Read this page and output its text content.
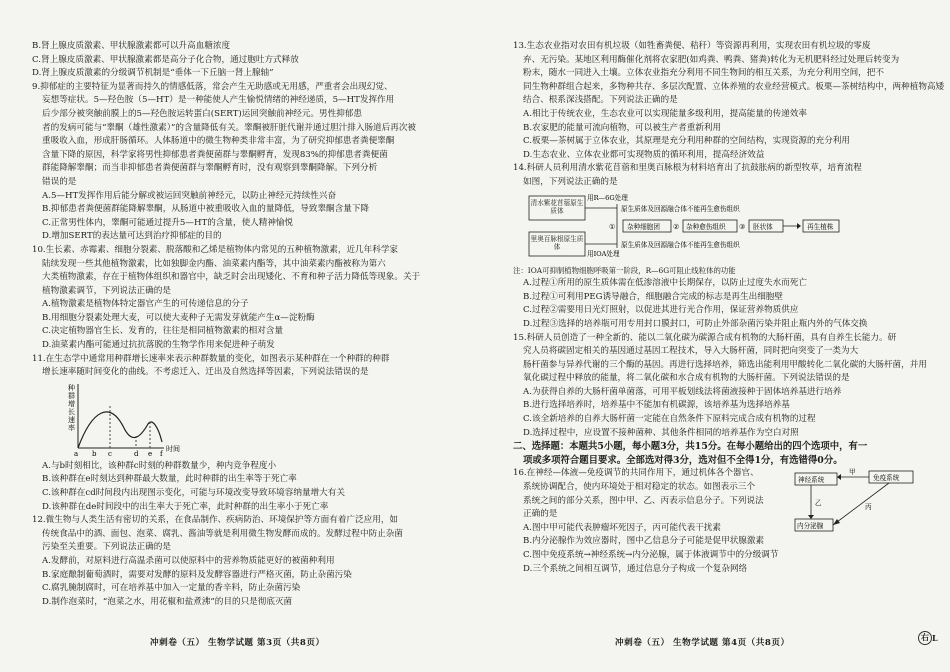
B.肾上腺皮质激素、甲状腺激素都可以升高血糖浓度
C.肾上腺皮质激素、甲状腺激素都是高分子化合物，通过胞吐方式释放
D.肾上腺皮质激素的分级调节机制是“垂体一下丘脑一肾上腺轴”
9.抑郁症的主要特征为显著而持久的情感低落，常会产生无助感或无用感，严重者会出现幻觉、
妄想等症状。5—羟色胺（5—HT）是一种能使人产生愉悦情绪的神经递质，5—HT发挥作用
后少部分被突触前膜上的5—羟色胺运转蛋白(SERT)运回突触前神经元。男性抑郁患
者的发病可能与“睾酮（雄性激素）”的含量降低有关。睾酮被肝脏代谢并通过胆汁排入肠道后再次被
重吸收入血，形成肝肠循环。人体肠道中的微生物种类非常丰富，为了研究抑郁患者粪便睾酮
含量下降的原因，科学家将男性抑郁患者粪便菌群与睾酮孵育，发现83%的抑郁患者粪便菌
群能降解睾酮；而当非抑郁患者粪便菌群与睾酮孵育时，没有观察到睾酮降解。下列分析
错误的是
A.5—HT发挥作用后能分解或被运回突触前神经元，以防止神经元持续性兴奋
B.抑郁患者粪便菌群能降解睾酮，从肠道中被重吸收入血的量降低，导致睾酮含量下降
C.正常男性体内，睾酮可能通过提升5—HT的含量，使人精神愉悦
D.增加SERT的表达量可达到治疗抑郁症的目的
10.生长素、赤霉素、细胞分裂素、脱落酸和乙烯是植物体内常见的五种植物激素，近几年科学家
陆续发现一些其他植物激素，比如独脚金内酯、油菜素内酯等，其中油菜素内酯被称为第六
大类植物激素，存在于植物体组织和器官中，缺乏时会出现矮化、不育和种子活力降低等现象。关于
植物激素调节，下列说法正确的是
A.植物激素是植物体特定器官产生的可传递信息的分子
B.用细胞分裂素处理大麦，可以使大麦种子无需发芽就能产生α—淀粉酶
C.决定植物器官生长、发育的，往往是相同植物激素的相对含量
D.油菜素内酯可能通过抗抗落脱的生物学作用来促进种子萌发
11.在生态学中通常用种群增长速率来表示种群数量的变化，如图表示某种群在一个种群的种群
增长速率随时间变化的曲线。不考虑迁入、迁出及自然选择等因素，下列说法错误的是
种群增长速率
a b c	d e f
时间
A.与b时刻相比，该种群c时刻的种群数量少，种内竞争程度小
B.该种群在e时刻达到种群最大数量，此时种群的出生率等于死亡率
C.该种群在cd时间段内出现图示变化，可能与环境改变导致环境容纳量增大有关
D.该种群在de时间段中的出生率大于死亡率，此时种群的出生率小于死亡率
12.微生物与人类生活有密切的关系，在食品制作、疾病防治、环境保护等方面有着广泛应用，如
传统食品中的酒、面包、泡菜、腐乳、酱油等就是利用微生物发酵而成的。发酵过程中防止杂菌
污染至关重要。下列说法正确的是
A.发酵前，对原料进行高温杀菌可以使原料中的营养物质能更好的被菌种利用
B.家庭酿制葡萄酒时，需要对发酵的原料及发酵容器进行严格灭菌，防止杂菌污染
C.腐乳腌制腐时，可在培养基中加入一定量的香辛料，防止杂菌污染
D.制作泡菜时，“泡菜之水，用花椒和盐煮沸”的目的只是彻底灭菌
冲刺卷（五） 生物学试题 第3页（共8页）
13.生态农业指对农田有机垃圾（如牲畜粪便、秸秆）等资源再利用，实现农田有机垃圾的零废
弃、无污染。某地区利用酶催化剂将农家肥(如鸡粪、鸭粪、猪粪)转化为无机肥料经过处理后转变为
粉末，随水一同进入土壤。立体农业指充分利用不同生物间的相互关系，为充分利用空间，把不
同生物种群组合起来，多物种共存、多层次配置、立体养殖的农业经营模式。板栗—茶树结构中，两种植物高矮
结合、根系深浅搭配。下列说法正确的是
A.相比于传统农业，生态农业可以实现能量多级利用，提高能量的传递效率
B.农家肥的能量可流向植物，可以被生产者重新利用
C.板栗—茶树属于立体农业，其原理是充分利用种群的空间结构，实现资源的充分利用
D.生态农业、立体农业都可实现物质的循环利用，提高经济效益
14.科研人员利用清水紫花苜蓿和里奥百脉根为材料培育出了抗鼓胀病的新型牧草，培育流程
如图，下列说法正确的是
清水紫花苜蓿原生质体
里奥百脉根原生质体
用R—6G处理
用IOA处理
原生质体及回源融合体不能再生愈伤组织
原生质体及回源融合体不能再生愈伤组织
① 杂种细胞团 ② 杂种愈伤组织 ③ 胚状体	再生植株
注：IOA可抑制植物细胞呼吸第一阶段，R—6G可阻止线粒体的功能
A.过程①所用的原生质体需在低渗溶液中长期保存，以防止过度失水而死亡
B.过程①可利用PEG诱导融合，细胞融合完成的标志是再生出细胞壁
C.过程②需要用日光灯照射，以促进其进行光合作用，保证营养物质供应
D.过程③选择的培养瓶可用专用封口膜封口，可防止外部杂菌污染并阻止瓶内外的气体交换
15.科研人员创造了一种全新的、能以二氧化碳为碳源合成有机物的大肠杆菌，具有自养生长能力。研
究人员将碳固定相关的基因通过基因工程技术，导入大肠杆菌，同时把向突变了一类为大
肠杆菌参与异养代谢的三个酶的基因。再进行选择培养，筛选出能利用甲酸转化二氧化碳的大肠杆菌，并用
氧化碳过程中释放的能量，将二氧化碳和水合成有机物的大肠杆菌。下列说法错误的是
A.为获得自养的大肠杆菌单菌落，可用平板划线法将菌液接种于固体培养基进行培养
B.进行选择培养时，培养基中不能加有机碳源，该培养基为选择培养基
C.该全新培养的自养大肠杆菌一定能在自然条件下原料完成合成有机物的过程
D.选择过程中，应设置不接种菌种、其他条件相同的培养基作为空白对照
二、选择题：本题共5小题，每小题3分，共15分。在每小题给出的四个选项中，有一
项或多项符合题目要求。全部选对得3分，选对但不全得1分，有选错得0分。
16.在神经—体液—免疫调节的共同作用下，通过机体各个器官、
系统协调配合，使内环境处于相对稳定的状态。如图表示三个
系统之间的部分关系，图中甲、乙、丙表示信息分子。下列说法
正确的是
A.图中甲可能代表肿瘤坏死因子，丙可能代表干扰素
B.内分泌腺作为效应器时，图中乙信息分子可能是促甲状腺激素
C.图中免疫系统→神经系统→内分泌腺，属于体液调节中的分级调节
D.三个系统之间相互调节，通过信息分子构成一个复杂网络
神经系统	免疫系统
内分泌腺
甲
乙	丙
冲刺卷（五） 生物学试题 第4页（共8页）
右 L
